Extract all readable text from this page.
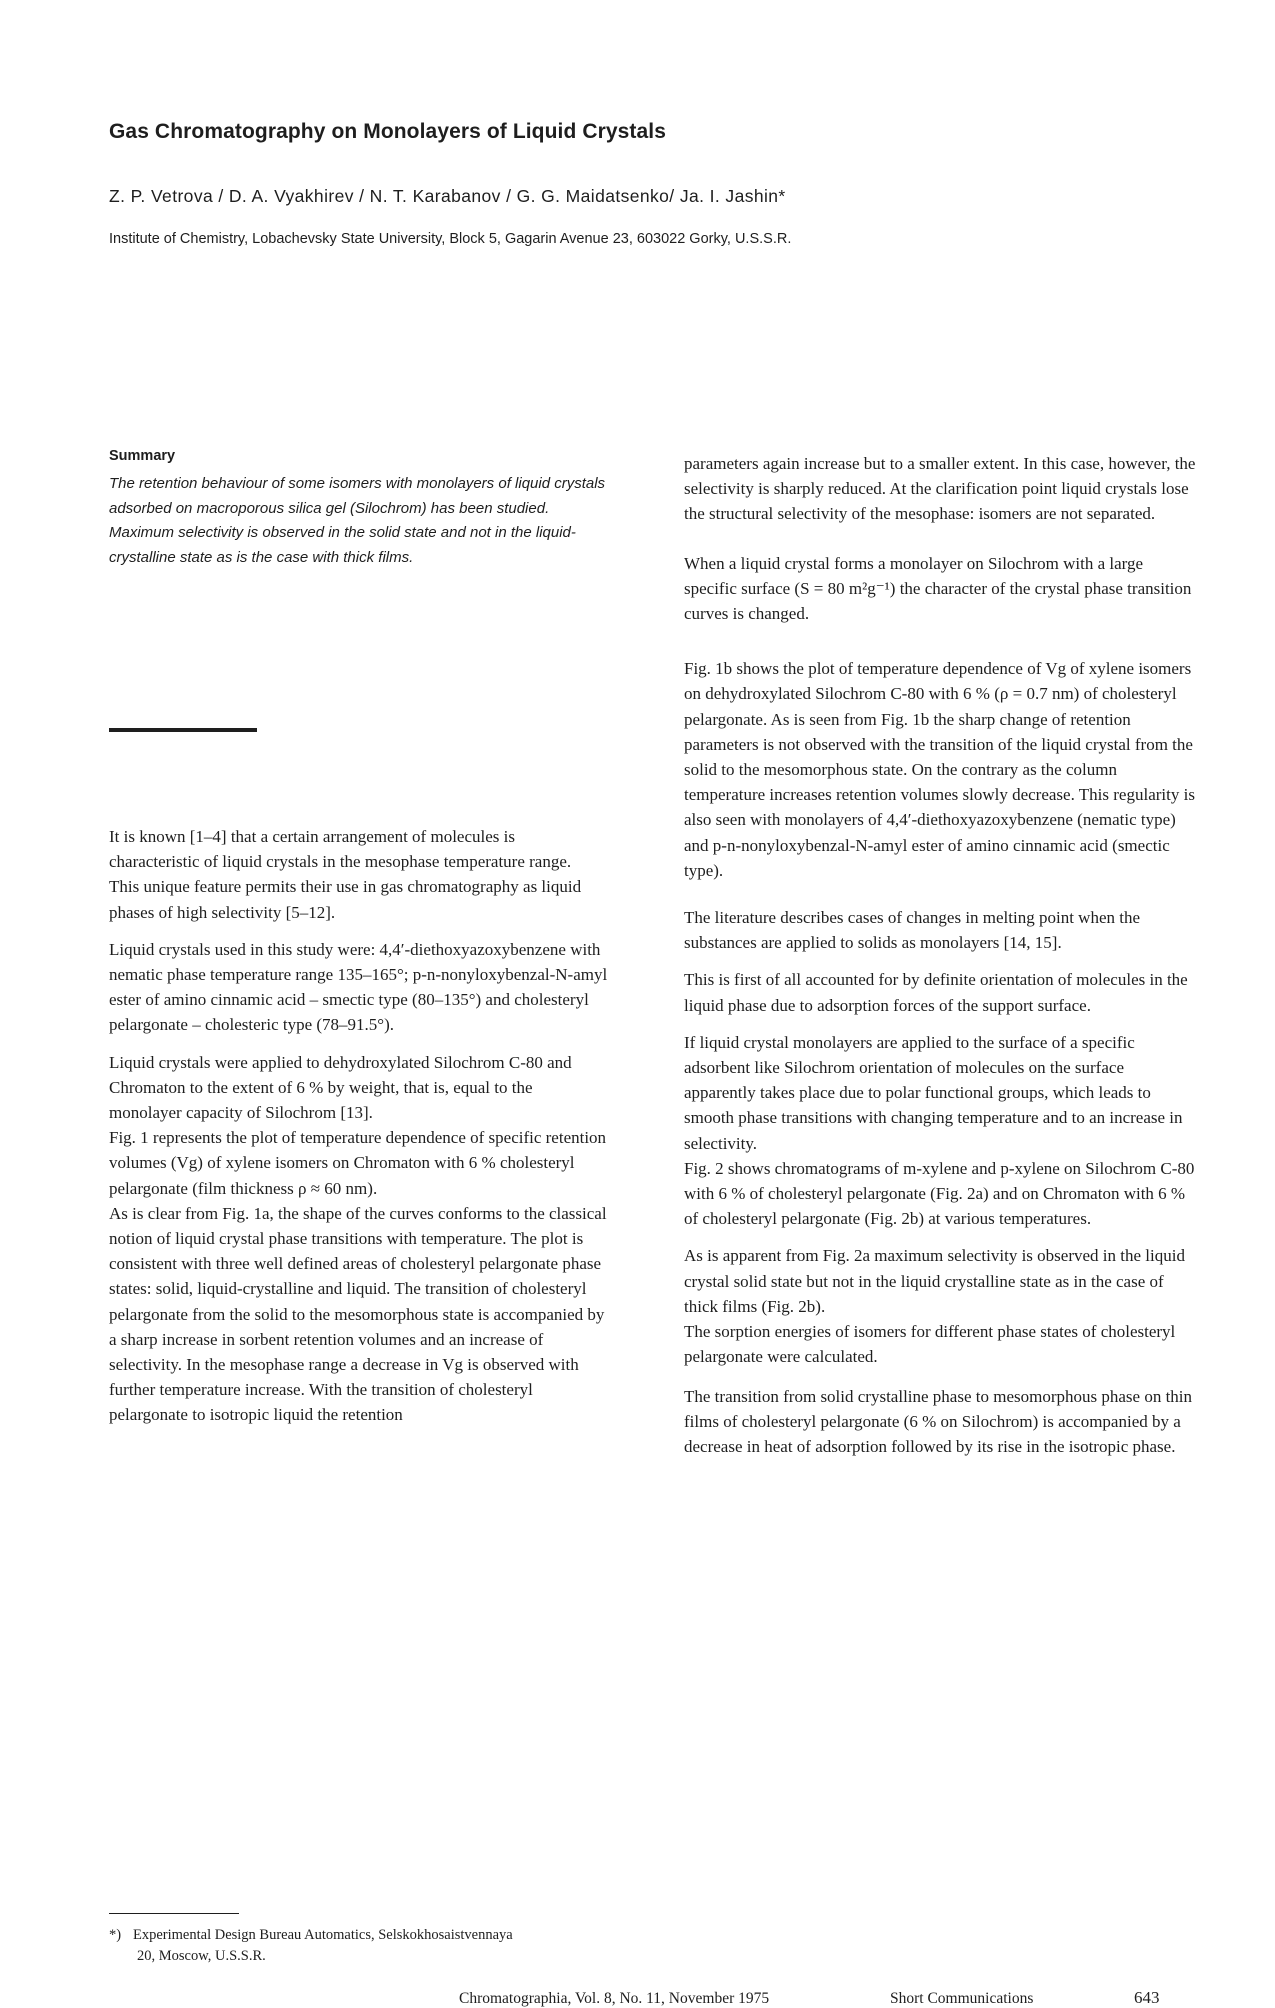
Gas Chromatography on Monolayers of Liquid Crystals
Z. P. Vetrova / D. A. Vyakhirev / N. T. Karabanov / G. G. Maidatsenko/ Ja. I. Jashin*
Institute of Chemistry, Lobachevsky State University, Block 5, Gagarin Avenue 23, 603022 Gorky, U.S.S.R.
Summary
The retention behaviour of some isomers with monolayers of liquid crystals adsorbed on macroporous silica gel (Silochrom) has been studied. Maximum selectivity is observed in the solid state and not in the liquid-crystalline state as is the case with thick films.

It is known [1–4] that a certain arrangement of molecules is characteristic of liquid crystals in the mesophase temperature range.

This unique feature permits their use in gas chromatography as liquid phases of high selectivity [5–12].

Liquid crystals used in this study were: 4,4′-diethoxyazoxybenzene with nematic phase temperature range 135–165°; p-n-nonyloxybenzal-N-amyl ester of amino cinnamic acid – smectic type (80–135°) and cholesteryl pelargonate – cholesteric type (78–91.5°).

Liquid crystals were applied to dehydroxylated Silochrom C-80 and Chromaton to the extent of 6 % by weight, that is, equal to the monolayer capacity of Silochrom [13].

Fig. 1 represents the plot of temperature dependence of specific retention volumes (Vg) of xylene isomers on Chromaton with 6 % cholesteryl pelargonate (film thickness ρ ≈ 60 nm).

As is clear from Fig. 1a, the shape of the curves conforms to the classical notion of liquid crystal phase transitions with temperature. The plot is consistent with three well defined areas of cholesteryl pelargonate phase states: solid, liquid-crystalline and liquid. The transition of cholesteryl pelargonate from the solid to the mesomorphous state is accompanied by a sharp increase in sorbent retention volumes and an increase of selectivity. In the mesophase range a decrease in Vg is observed with further temperature increase. With the transition of cholesteryl pelargonate to isotropic liquid the retention

parameters again increase but to a smaller extent. In this case, however, the selectivity is sharply reduced. At the clarification point liquid crystals lose the structural selectivity of the mesophase: isomers are not separated.

When a liquid crystal forms a monolayer on Silochrom with a large specific surface (S = 80 m²g⁻¹) the character of the crystal phase transition curves is changed.

Fig. 1b shows the plot of temperature dependence of Vg of xylene isomers on dehydroxylated Silochrom C-80 with 6 % (ρ = 0.7 nm) of cholesteryl pelargonate. As is seen from Fig. 1b the sharp change of retention parameters is not observed with the transition of the liquid crystal from the solid to the mesomorphous state. On the contrary as the column temperature increases retention volumes slowly decrease. This regularity is also seen with monolayers of 4,4′-diethoxyazoxybenzene (nematic type) and p-n-nonyloxybenzal-N-amyl ester of amino cinnamic acid (smectic type).

The literature describes cases of changes in melting point when the substances are applied to solids as monolayers [14, 15].

This is first of all accounted for by definite orientation of molecules in the liquid phase due to adsorption forces of the support surface.

If liquid crystal monolayers are applied to the surface of a specific adsorbent like Silochrom orientation of molecules on the surface apparently takes place due to polar functional groups, which leads to smooth phase transitions with changing temperature and to an increase in selectivity.

Fig. 2 shows chromatograms of m-xylene and p-xylene on Silochrom C-80 with 6 % of cholesteryl pelargonate (Fig. 2a) and on Chromaton with 6 % of cholesteryl pelargonate (Fig. 2b) at various temperatures.

As is apparent from Fig. 2a maximum selectivity is observed in the liquid crystal solid state but not in the liquid crystalline state as in the case of thick films (Fig. 2b).

The sorption energies of isomers for different phase states of cholesteryl pelargonate were calculated.

The transition from solid crystalline phase to mesomorphous phase on thin films of cholesteryl pelargonate (6 % on Silochrom) is accompanied by a decrease in heat of adsorption followed by its rise in the isotropic phase.

*) Experimental Design Bureau Automatics, Selskokhosaistvennaya
20, Moscow, U.S.S.R.
Chromatographia, Vol. 8, No. 11, November 1975	Short Communications	643
